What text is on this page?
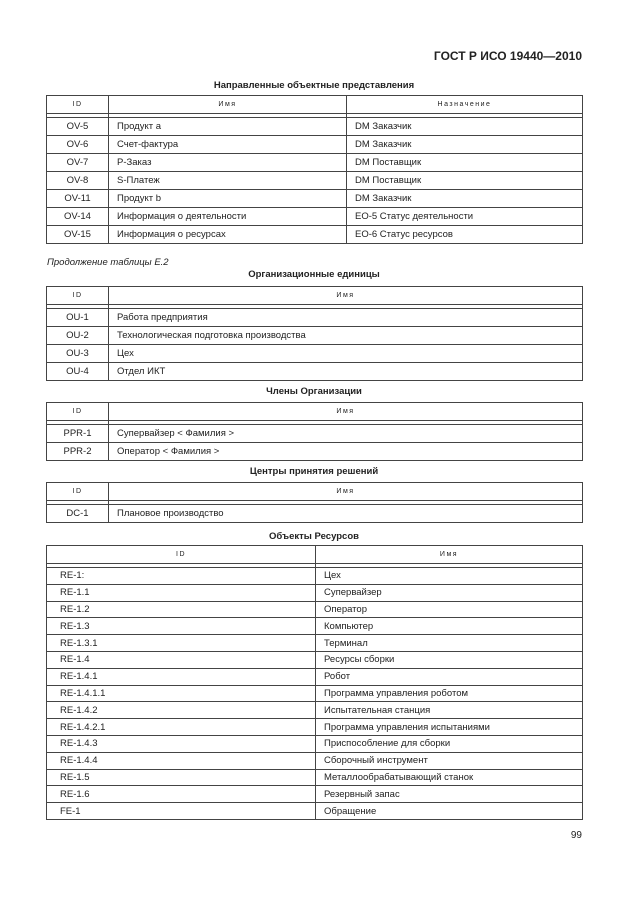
ГОСТ Р ИСО 19440—2010
Направленные объектные представления
ID	Имя	Назначение

OV-5	Продукт a	DM Заказчик
OV-6	Счет-фактура	DM Заказчик
OV-7	P-Заказ	DM Поставщик
OV-8	S-Платеж	DM Поставщик
OV-11	Продукт b	DM Заказчик
OV-14	Информация о деятельности	EO-5 Статус деятельности
OV-15	Информация о ресурсах	EO-6 Статус ресурсов
Продолжение таблицы Е.2
Организационные единицы
ID	Имя

OU-1	Работа предприятия
OU-2	Технологическая подготовка производства
OU-3	Цех
OU-4	Отдел ИКТ
Члены Организации
ID	Имя

PPR-1	Супервайзер < Фамилия >
PPR-2	Оператор < Фамилия >
Центры принятия решений
ID	Имя

DC-1	Плановое производство
Объекты Ресурсов
ID	Имя

RE-1:	Цех
RE-1.1	Супервайзер
RE-1.2	Оператор
RE-1.3	Компьютер
RE-1.3.1	Терминал
RE-1.4	Ресурсы сборки
RE-1.4.1	Робот
RE-1.4.1.1	Программа управления роботом
RE-1.4.2	Испытательная станция
RE-1.4.2.1	Программа управления испытаниями
RE-1.4.3	Приспособление для сборки
RE-1.4.4	Сборочный инструмент
RE-1.5	Металлообрабатывающий станок
RE-1.6	Резервный запас
FE-1	Обращение
99
